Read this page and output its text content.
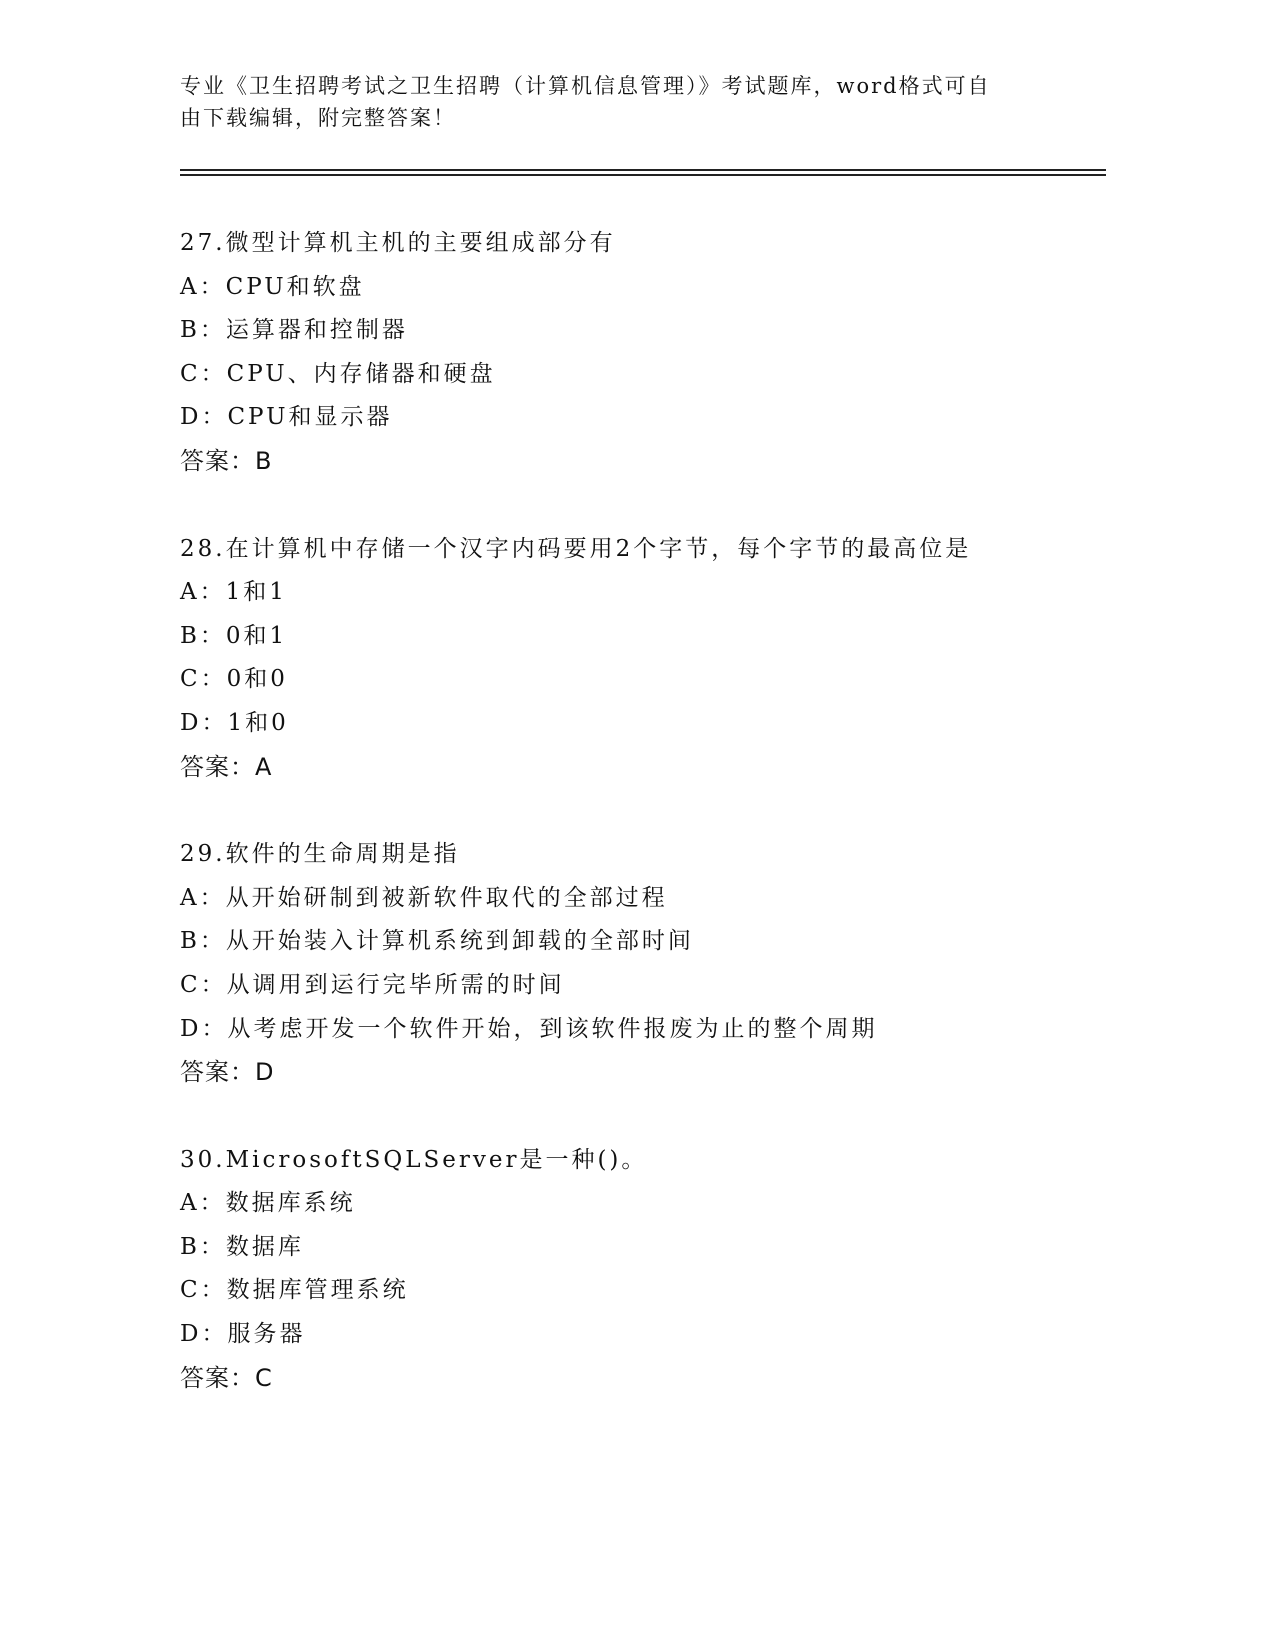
专业《卫生招聘考试之卫生招聘（计算机信息管理）》考试题库，word格式可自
由下载编辑，附完整答案！
27.微型计算机主机的主要组成部分有
A：CPU和软盘
B：运算器和控制器
C：CPU、内存储器和硬盘
D：CPU和显示器
答案：B
28.在计算机中存储一个汉字内码要用2个字节，每个字节的最高位是
A：1和1
B：0和1
C：0和0
D：1和0
答案：A
29.软件的生命周期是指
A：从开始研制到被新软件取代的全部过程
B：从开始装入计算机系统到卸载的全部时间
C：从调用到运行完毕所需的时间
D：从考虑开发一个软件开始，到该软件报废为止的整个周期
答案：D
30.MicrosoftSQLServer是一种()。
A：数据库系统
B：数据库
C：数据库管理系统
D：服务器
答案：C
